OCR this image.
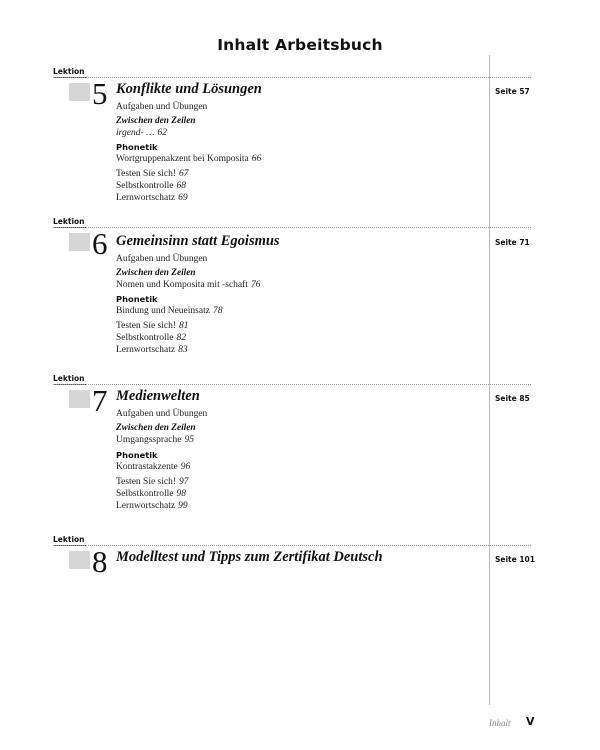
Inhalt Arbeitsbuch
Lektion
5 Konflikte und Lösungen	Seite 57
Aufgaben und Übungen
Zwischen den Zeilen
irgend- … 62
Phonetik
Wortgruppenakzent bei Komposita 66
Testen Sie sich! 67
Selbstkontrolle 68
Lernwortschatz 69
Lektion
6 Gemeinsinn statt Egoismus	Seite 71
Aufgaben und Übungen
Zwischen den Zeilen
Nomen und Komposita mit -schaft 76
Phonetik
Bindung und Neueinsatz 78
Testen Sie sich! 81
Selbstkontrolle 82
Lernwortschatz 83
Lektion
7 Medienwelten	Seite 85
Aufgaben und Übungen
Zwischen den Zeilen
Umgangssprache 95
Phonetik
Kontrastakzente 96
Testen Sie sich! 97
Selbstkontrolle 98
Lernwortschatz 99
Lektion
8 Modelltest und Tipps zum Zertifikat Deutsch	Seite 101
Inhalt V
